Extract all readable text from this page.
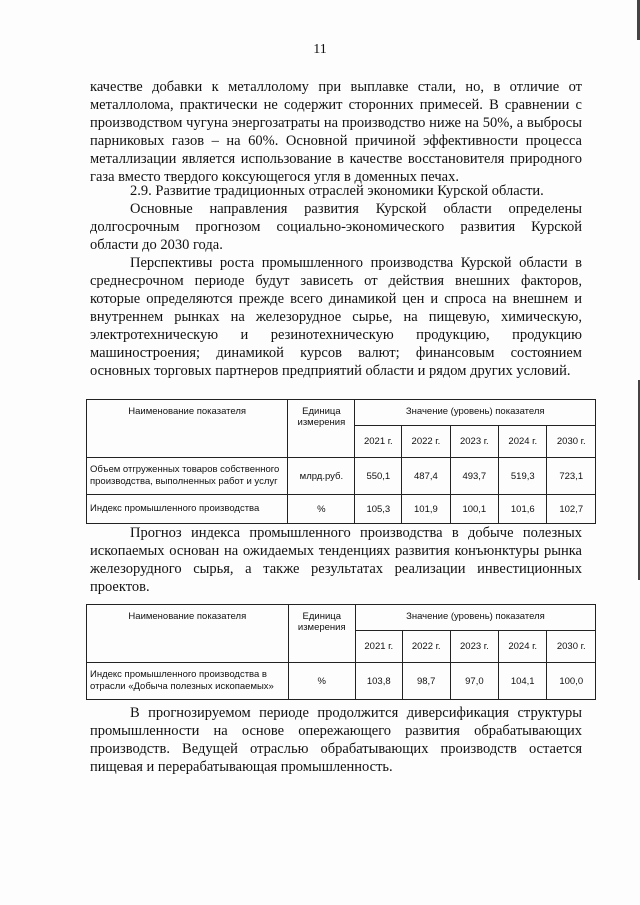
11

качестве добавки к металлолому при выплавке стали, но, в отличие от металлолома, практически не содержит сторонних примесей. В сравнении с производством чугуна энергозатраты на производство ниже на 50%, а выбросы парниковых газов – на 60%. Основной причиной эффективности процесса металлизации является использование в качестве восстановителя природного газа вместо твердого коксующегося угля в доменных печах.

2.9. Развитие традиционных отраслей экономики Курской области.

Основные направления развития Курской области определены долгосрочным прогнозом социально-экономического развития Курской области до 2030 года.

Перспективы роста промышленного производства Курской области в среднесрочном периоде будут зависеть от действия внешних факторов, которые определяются прежде всего динамикой цен и спроса на внешнем и внутреннем рынках на железорудное сырье, на пищевую, химическую, электротехническую и резинотехническую продукцию, продукцию машиностроения; динамикой курсов валют; финансовым состоянием основных торговых партнеров предприятий области и рядом других условий.

Наименование показателя	Единица измерения	Значение (уровень) показателя				
		2021 г.	2022 г.	2023 г.	2024 г.	2030 г.
Объем отгруженных товаров собственного производства, выполненных работ и услуг	млрд.руб.	550,1	487,4	493,7	519,3	723,1
Индекс промышленного производства	%	105,3	101,9	100,1	101,6	102,7

Прогноз индекса промышленного производства в добыче полезных ископаемых основан на ожидаемых тенденциях развития конъюнктуры рынка железорудного сырья, а также результатах реализации инвестиционных проектов.

Наименование показателя	Единица измерения	Значение (уровень) показателя				
		2021 г.	2022 г.	2023 г.	2024 г.	2030 г.
Индекс промышленного производства в отрасли «Добыча полезных ископаемых»	%	103,8	98,7	97,0	104,1	100,0

В прогнозируемом периоде продолжится диверсификация структуры промышленности на основе опережающего развития обрабатывающих производств. Ведущей отраслью обрабатывающих производств остается пищевая и перерабатывающая промышленность.
